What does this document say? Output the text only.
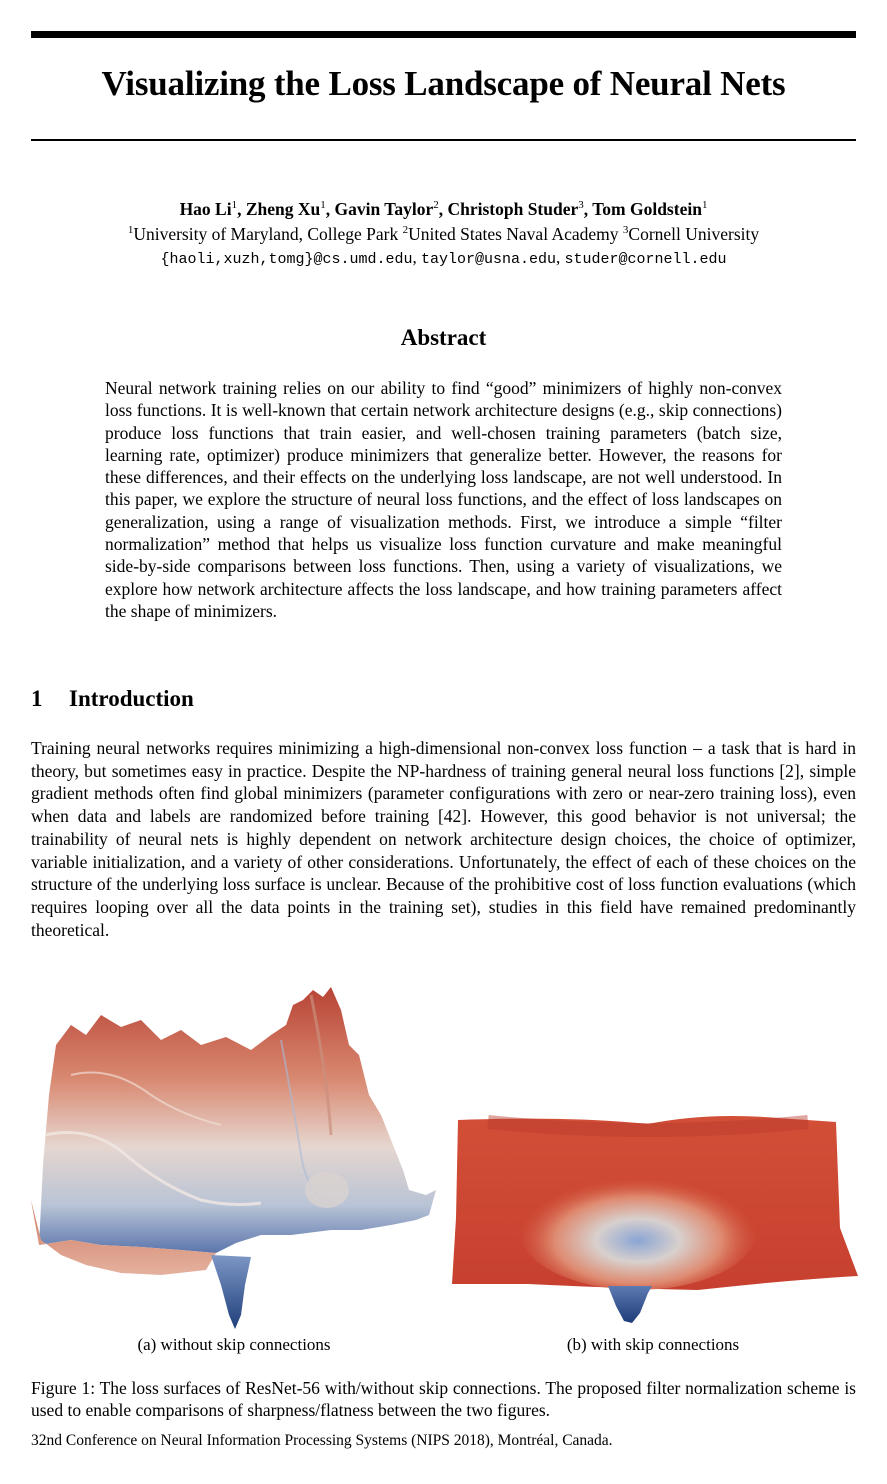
Visualizing the Loss Landscape of Neural Nets
Hao Li$^1$, Zheng Xu$^1$, Gavin Taylor$^2$, Christoph Studer$^3$, Tom Goldstein$^1$
$^1$University of Maryland, College Park $^2$United States Naval Academy $^3$Cornell University
{haoli,xuzh,tomg}@cs.umd.edu, taylor@usna.edu, studer@cornell.edu
Abstract

Neural network training relies on our ability to find “good” minimizers of highly non-convex loss functions. It is well-known that certain network architecture designs (e.g., skip connections) produce loss functions that train easier, and well-chosen training parameters (batch size, learning rate, optimizer) produce minimizers that generalize better. However, the reasons for these differences, and their effects on the underlying loss landscape, are not well understood. In this paper, we explore the structure of neural loss functions, and the effect of loss landscapes on generalization, using a range of visualization methods. First, we introduce a simple “filter normalization” method that helps us visualize loss function curvature and make meaningful side-by-side comparisons between loss functions. Then, using a variety of visualizations, we explore how network architecture affects the loss landscape, and how training parameters affect the shape of minimizers.

1 Introduction

Training neural networks requires minimizing a high-dimensional non-convex loss function – a task that is hard in theory, but sometimes easy in practice. Despite the NP-hardness of training general neural loss functions [2], simple gradient methods often find global minimizers (parameter configurations with zero or near-zero training loss), even when data and labels are randomized before training [42]. However, this good behavior is not universal; the trainability of neural nets is highly dependent on network architecture design choices, the choice of optimizer, variable initialization, and a variety of other considerations. Unfortunately, the effect of each of these choices on the structure of the underlying loss surface is unclear. Because of the prohibitive cost of loss function evaluations (which requires looping over all the data points in the training set), studies in this field have remained predominantly theoretical.

(a) without skip connections	(b) with skip connections

Figure 1: The loss surfaces of ResNet-56 with/without skip connections. The proposed filter normalization scheme is used to enable comparisons of sharpness/flatness between the two figures.

32nd Conference on Neural Information Processing Systems (NIPS 2018), Montréal, Canada.
